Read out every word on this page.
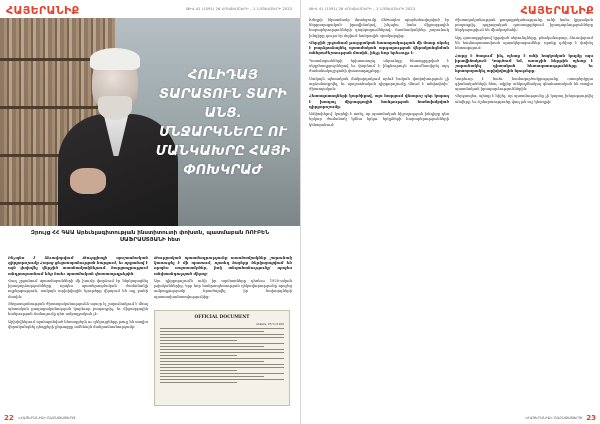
ՀԱՅԵՐԱՆԻՔ	ԹԻՎ 41 (1591) 26 ՀՈԿՏԵՄԲԵՐԻ – 1 ՆՈՅԵՄԲԵՐԻ 2023
ՀՈԼԻԴԱՅ ՏԱՐԱՏՈՒՆ ՏԱՐԻ ԱՆՑ. ՄՆՋԱՐԿՆԵՐԸ ՈՒ ՄԱՆԿԱԽՐԸ ՀԱՅԻ ՓՈԽԿՐԱԺ
Զրույց ՀՀ ԳԱԱ Արեւելագիտության ինստիտուտի փոխտն, պատմաբան ՌՈՒԲԵՆ ՍԱՖՐԱՍՏՅԱՆԻ հետ

Ինչպես է ձեւավորվում Թուրքիայի պաշտոնական դիրքորոշումը Հայոց ցեղասպանության հարցում, եւ որքանով է այն փոխվել վերջին տասնամյակներում. հարցազրույցում անդրադառնում ենք նաեւ պատմական փաստաթղթերին։

Վաղ շրջանում պատմաբանների մի խումբ փորձում էր ներկայացնել իրադարձությունները որպես պատերազմական ժամանակի ողբերգություն, սակայն արխիվային նյութերը վկայում են այլ բանի մասին։

Ցեղասպանության ժխտողականությունն այսօր էլ շարունակում է մնալ պետական քաղաքականության կարեւոր բաղադրիչ, եւ միջազգային հանրության ճանաչումը դեռ ամբողջական չէ։

Արխիվներում պահպանված հեռագրերն ու զեկույցները թույլ են տալիս վերականգնել դեպքերի ընթացքը ամենայն մանրամասնությամբ։

Թուրքական պատմագրությունը տասնամյակներ շարունակ կառուցել է մի պատում, որտեղ հայերը ներկայացվում են որպես ապստամբներ, իսկ տեղահանությունը՝ որպես անվտանգության միջոց։

Այս դիրքորոշումն ունի իր արմատները դեռեւս 1920-ական թվականներից, երբ նոր հանրապետության ղեկավարությունը որոշեց ամբողջությամբ հրաժարվել իր նախորդների պատասխանատվությունից։

OFFICIAL DOCUMENT
Ankara, 07/11/1926
«ՀԱՅԵՐԱՆԻՔ» ՇԱԲԱԹԱԹԵՐԹ
22
ԹԻՎ 41 (1591) 26 ՀՈԿՏԵՄԲԵՐԻ – 1 ՆՈՅԵՄԲԵՐԻ 2023	ՀԱՅԵՐԱՆԻՔ

Խնդրի նկատմամբ մոտեցումը մեծապես պայմանավորված էր ներքաղաքական իրավիճակով, ինչպես նաեւ միջազգային հարաբերությունների զարգացումներով։ Տասնամյակներ շարունակ խնդիրը դուրս էր մղվում հանրային օրակարգից։

Վերջին շրջանում թուրքական հասարակության մի մասը սկսել է բարձրաձայնել պատմական արդարության վերականգնման անհրաժեշտության մասին, ինչը նոր երեւույթ է։

Պատմաբանների երիտասարդ սերունդը հետաքրքրված է սկզբնաղբյուրներով եւ փորձում է ինքնուրույն ուսումնասիրել այդ ժամանակաշրջանի փաստաթղթերը։

Սակայն պետական մակարդակում որեւէ էական փոփոխություն չի արձանագրվել, եւ պաշտոնական դիրքորոշումը մնում է անփոփոխ՝ ժխտողական։

Հետազոտողների կարծիքով, այս հարցում վճռորոշ դեր կարող է խաղալ միջազգային հանրության համախմբված դիրքորոշումը։

Ամփոփելով՝ կարելի է ասել, որ պատմական հիշողության խնդիրը դեռ երկար ժամանակ կմնա երկու երկրների հարաբերությունների կենտրոնում։

Ժխտողականության քաղաքականությունը ունի նաեւ կրթական բաղադրիչ. դպրոցական դասագրքերում իրադարձությունները ներկայացվում են միակողմանի։

Այդ դասագրքերով կրթված սերունդները, բնականաբար, ձեւավորում են համապատասխան պատկերացումներ, որոնք դժվար է փոխել հետագայում։

Հարց է ծագում՝ ինչ պետք է անի հայկական կողմը այս իրավիճակում։ Կարծում եմ, առաջին հերթին պետք է շարունակել գիտական հետազոտությունները եւ հրապարակել արխիվային նյութերը։

Կարեւոր է նաեւ համագործակցությունը օտարերկրյա գիտնականների հետ, ովքեր անկողմնակալ գնահատական են տալիս պատմական իրադարձություններին։

Վերջապես, պետք է հիշել, որ պատմությունը չի կարող խեղաթյուրվել անվերջ, եւ ճշմարտությունը վաղ թե ուշ կհաղթի։

«ՀԱՅԵՐԱՆԻՔ» ՇԱԲԱԹԱԹԵՐԹ 23
